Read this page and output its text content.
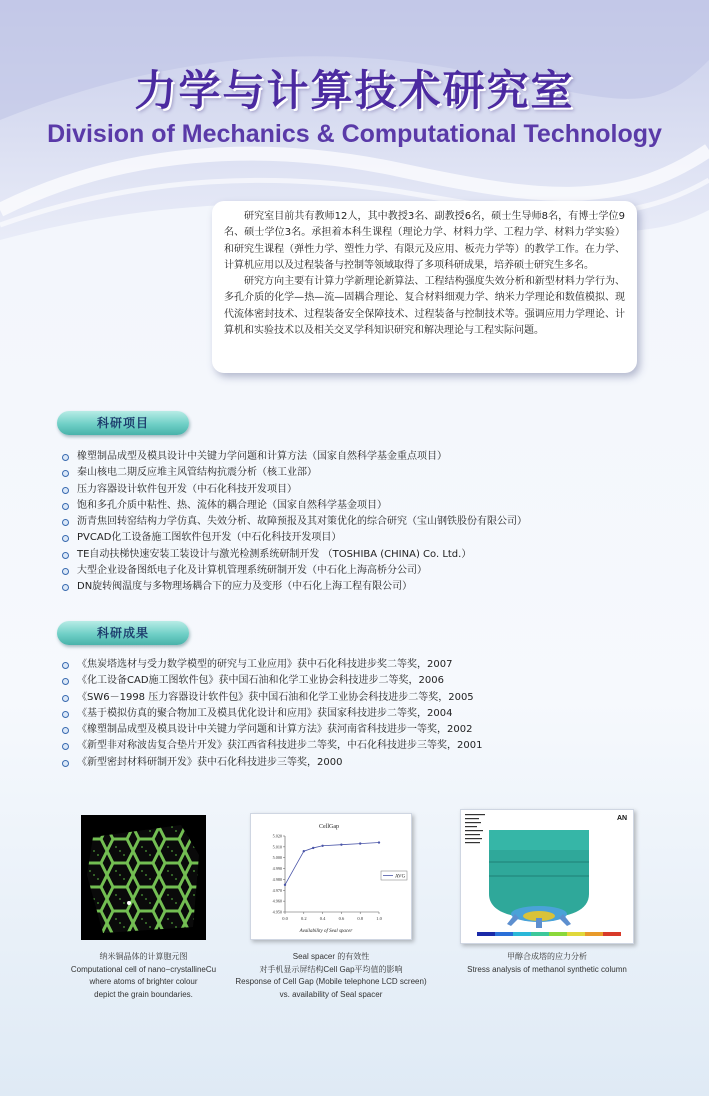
力学与计算技术研究室
Division of Mechanics & Computational Technology

研究室目前共有教师12人，其中教授3名、副教授6名，硕士生导师8名，有博士学位9名、硕士学位3名。承担着本科生课程（理论力学、材料力学、工程力学、材料力学实验）和研究生课程（弹性力学、塑性力学、有限元及应用、板壳力学等）的教学工作。在力学、计算机应用以及过程装备与控制等领域取得了多项科研成果，培养硕士研究生多名。

研究方向主要有计算力学新理论新算法、工程结构强度失效分析和新型材料力学行为、多孔介质的化学—热—流—固耦合理论、复合材料细观力学、纳米力学理论和数值模拟、现代流体密封技术、过程装备安全保障技术、过程装备与控制技术等。强调应用力学理论、计算机和实验技术以及相关交叉学科知识研究和解决理论与工程实际问题。

科研项目
橡塑制品成型及模具设计中关键力学问题和计算方法（国家自然科学基金重点项目）
秦山核电二期反应堆主风管结构抗震分析（核工业部）
压力容器设计软件包开发（中石化科技开发项目）
饱和多孔介质中粘性、热、流体的耦合理论（国家自然科学基金项目）
沥青焦回转窑结构力学仿真、失效分析、故障预报及其对策优化的综合研究（宝山钢铁股份有限公司）
PVCAD化工设备施工图软件包开发（中石化科技开发项目）
TE自动扶梯快速安装工装设计与激光检测系统研制开发 （TOSHIBA (CHINA) Co. Ltd.）
大型企业设备图纸电子化及计算机管理系统研制开发（中石化上海高桥分公司）
DN旋转阀温度与多物理场耦合下的应力及变形（中石化上海工程有限公司）
科研成果
《焦炭塔选材与受力数学模型的研究与工业应用》获中石化科技进步奖二等奖，2007
《化工设备CAD施工图软件包》获中国石油和化学工业协会科技进步二等奖，2006
《SW6－1998 压力容器设计软件包》获中国石油和化学工业协会科技进步二等奖，2005
《基于模拟仿真的聚合物加工及模具优化设计和应用》获国家科技进步二等奖，2004
《橡塑制品成型及模具设计中关键力学问题和计算方法》获河南省科技进步一等奖，2002
《新型非对称波齿复合垫片开发》获江西省科技进步二等奖，中石化科技进步三等奖，2001
《新型密封材料研制开发》获中石化科技进步三等奖，2000
纳米铜晶体的计算胞元图
Computational cell of nano−crystallineCu
where atoms of brighter colour
depict the grain boundaries.
CellGap
5.020
5.010
5.000
4.990
4.980
4.970
4.960
4.950
0.0	0.2	0.4	0.6	0.8	1.0
AVG
Availability of Seal spacer
Seal spacer 的有效性
对手机显示屏结构Cell Gap平均值的影响
Response of Cell Gap (Mobile telephone LCD screen)
vs. availability of Seal spacer
AN
甲醇合成塔的应力分析
Stress analysis of methanol synthetic column
